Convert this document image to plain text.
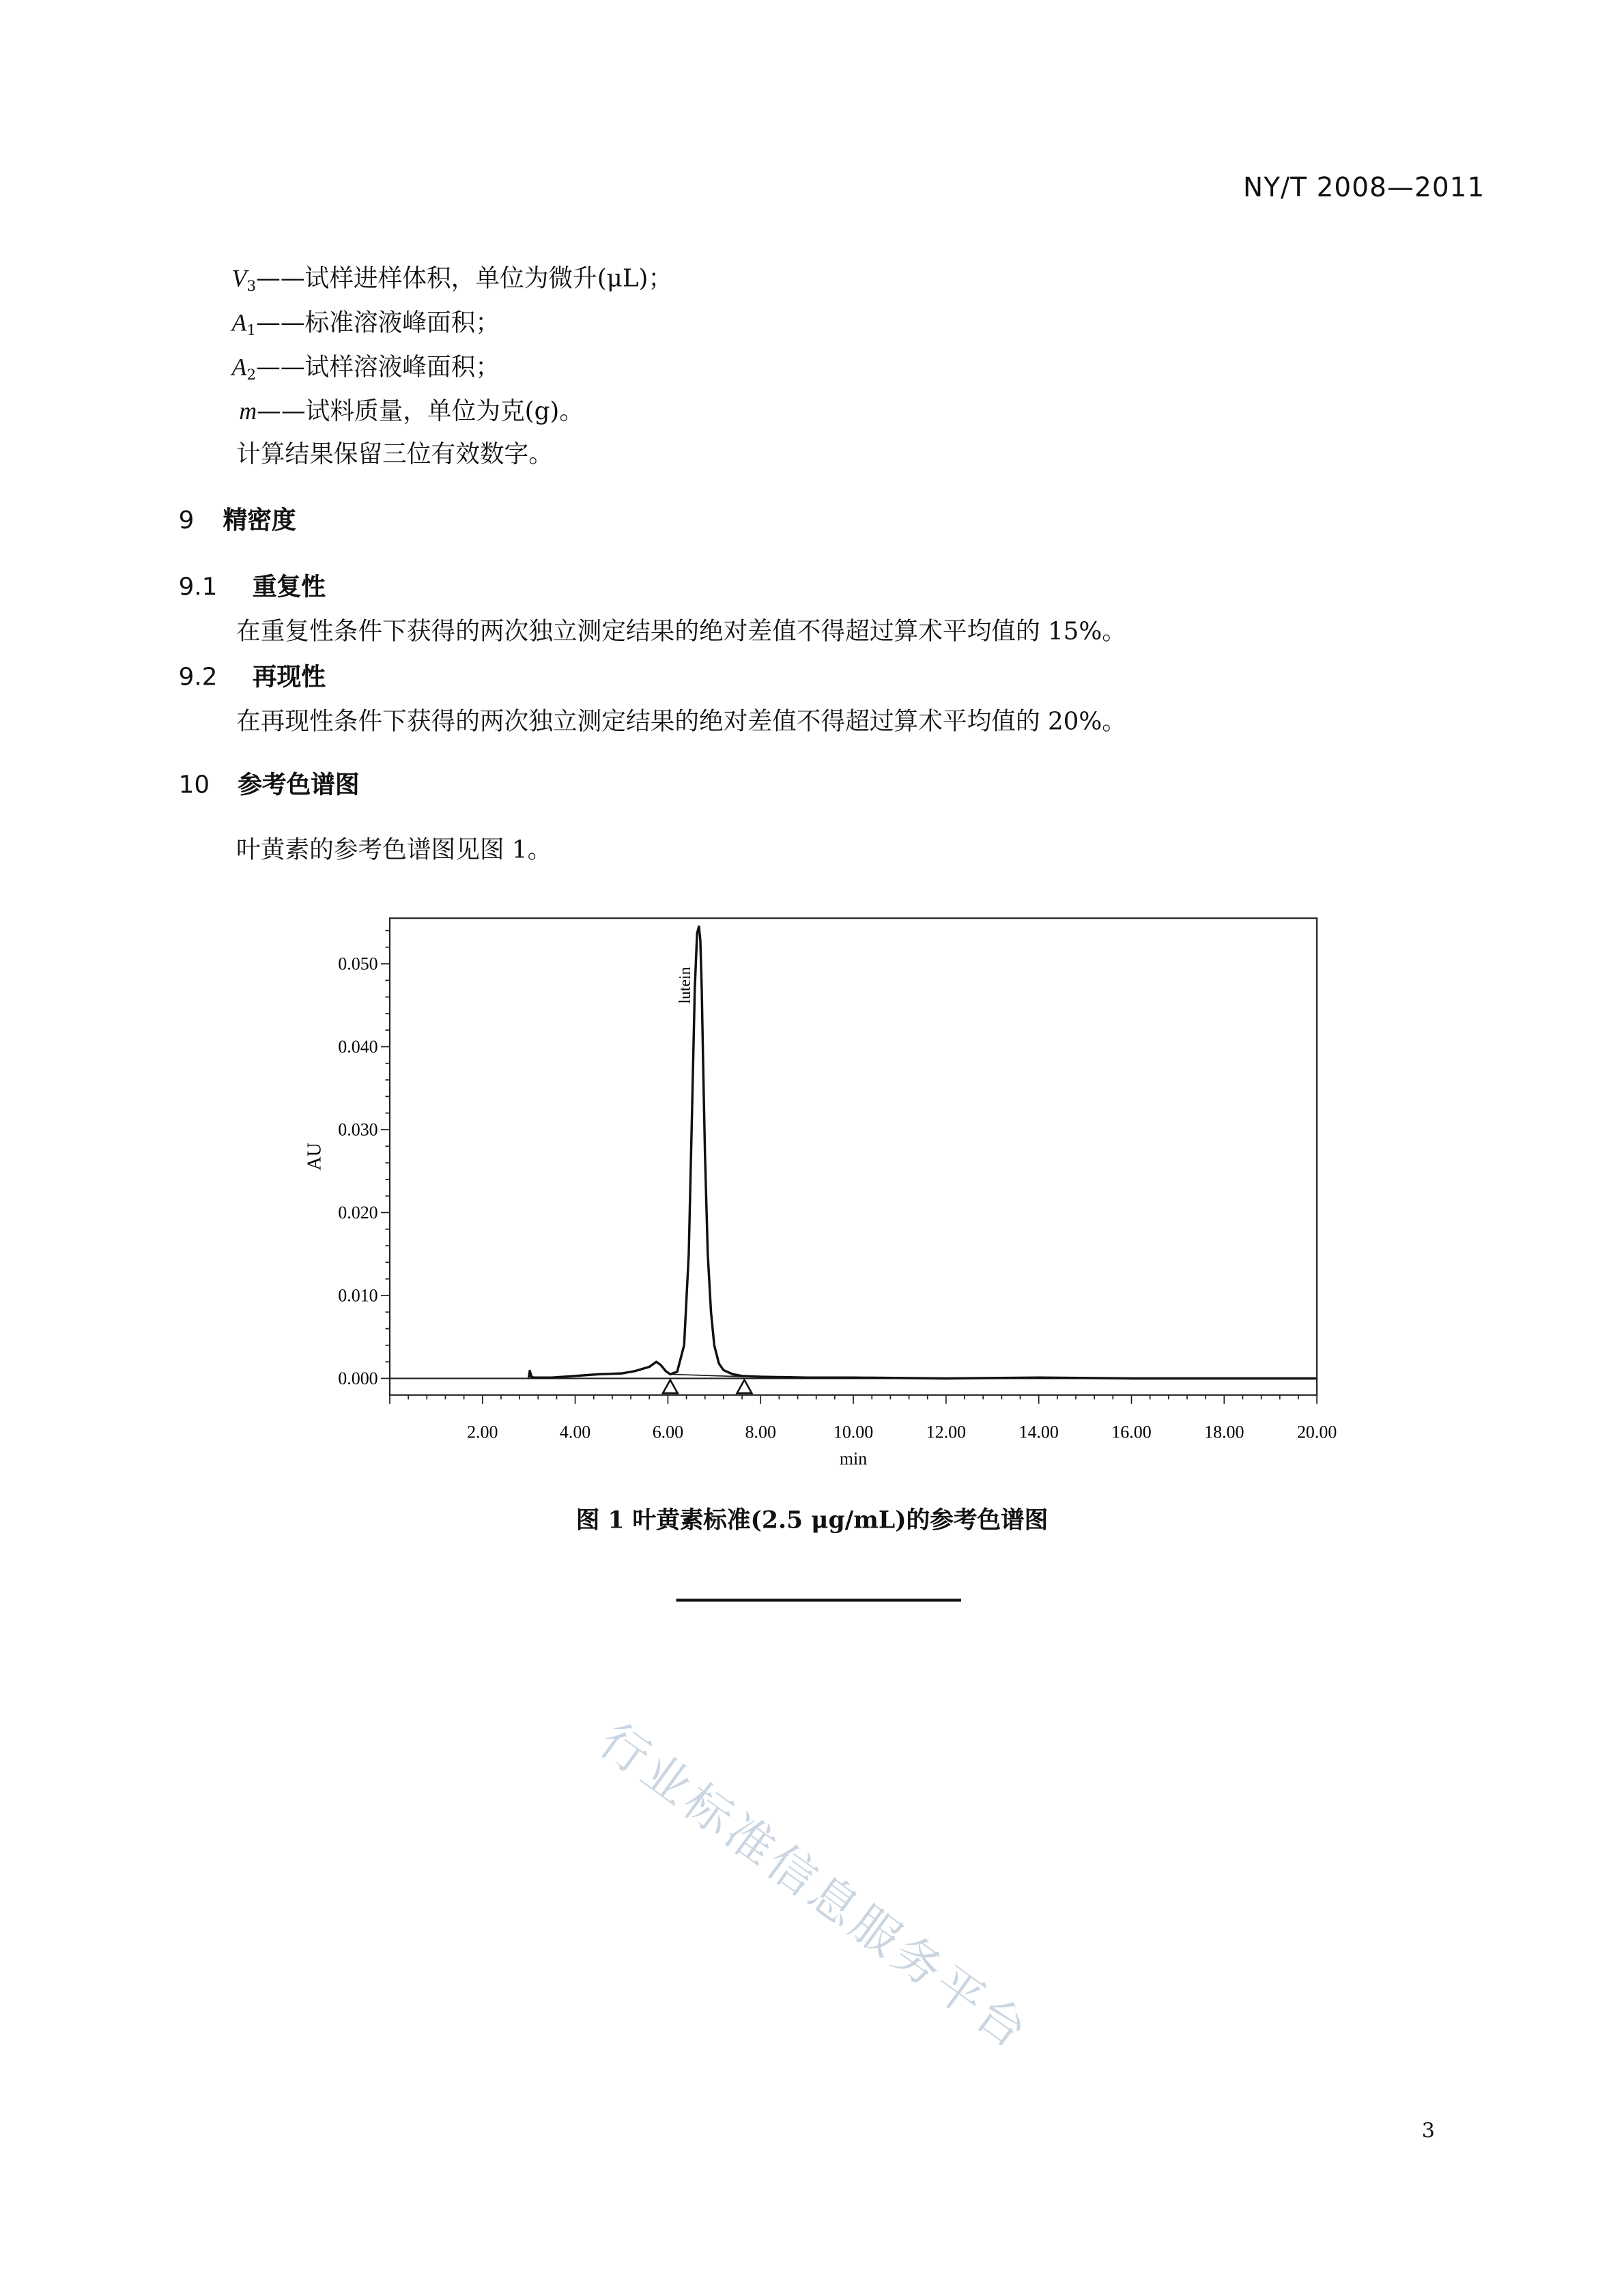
NY/T 2008—2011
$V_3——$试样进样体积，单位为微升(μL)；
$A_1——$标准溶液峰面积；
$A_2——$试样溶液峰面积；
m——试料质量，单位为克(g)。
计算结果保留三位有效数字。
9	精密度
9.1	重复性
在重复性条件下获得的两次独立测定结果的绝对差值不得超过算术平均值的 15%。
9.2	再现性
在再现性条件下获得的两次独立测定结果的绝对差值不得超过算术平均值的 20%。
10 参考色谱图
叶黄素的参考色谱图见图 1。
0.000
0.010
0.020
0.030
0.040
0.050
2.00	4.00	6.00	8.00	10.00	12.00	14.00	16.00	18.00	20.00
min
AU
lutein
图 1 叶黄素标准(2.5 μg/mL)的参考色谱图
行业标准信息服务平台
3
